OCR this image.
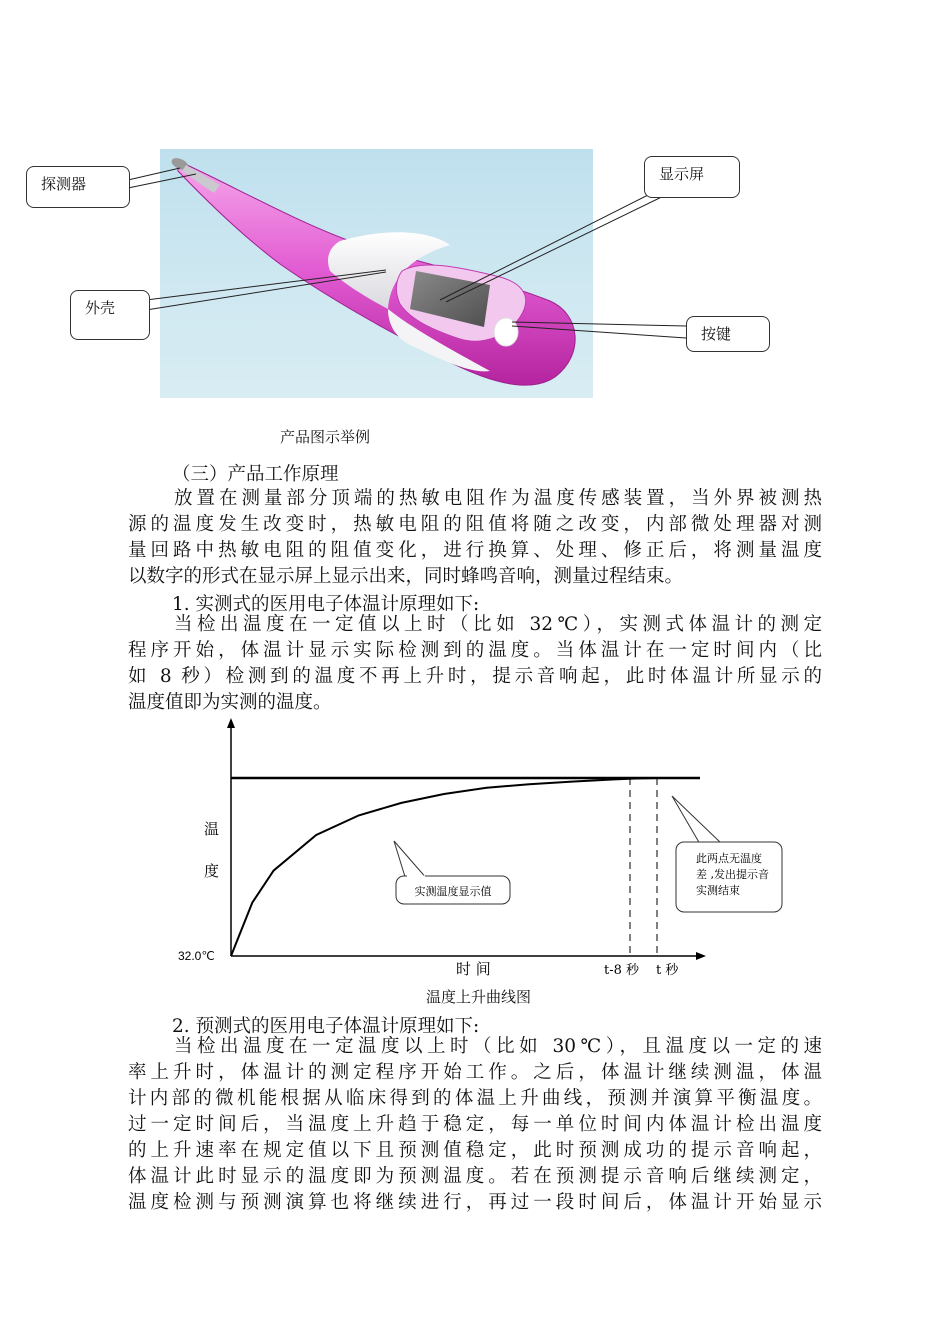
探测器
显示屏
外壳
按键
产品图示举例
（三）产品工作原理
放置在测量部分顶端的热敏电阻作为温度传感装置，当外界被测热
源的温度发生改变时，热敏电阻的阻值将随之改变，内部微处理器对测
量回路中热敏电阻的阻值变化，进行换算、处理、修正后，将测量温度
以数字的形式在显示屏上显示出来，同时蜂鸣音响，测量过程结束。
1. 实测式的医用电子体温计原理如下:
当检出温度在一定值以上时（比如 32℃），实测式体温计的测定
程序开始，体温计显示实际检测到的温度。当体温计在一定时间内（比
如 8 秒）检测到的温度不再上升时，提示音响起，此时体温计所显示的
温度值即为实测的温度。
实测温度显示值
此两点无温度
差 ,发出提示音
实测结束
温
度
32.0℃
时 间	t-8 秒 t 秒
温度上升曲线图
2. 预测式的医用电子体温计原理如下:
当检出温度在一定温度以上时（比如 30℃），且温度以一定的速
率上升时，体温计的测定程序开始工作。之后，体温计继续测温，体温
计内部的微机能根据从临床得到的体温上升曲线，预测并演算平衡温度。
过一定时间后，当温度上升趋于稳定，每一单位时间内体温计检出温度
的上升速率在规定值以下且预测值稳定，此时预测成功的提示音响起，
体温计此时显示的温度即为预测温度。若在预测提示音响后继续测定，
温度检测与预测演算也将继续进行，再过一段时间后，体温计开始显示
